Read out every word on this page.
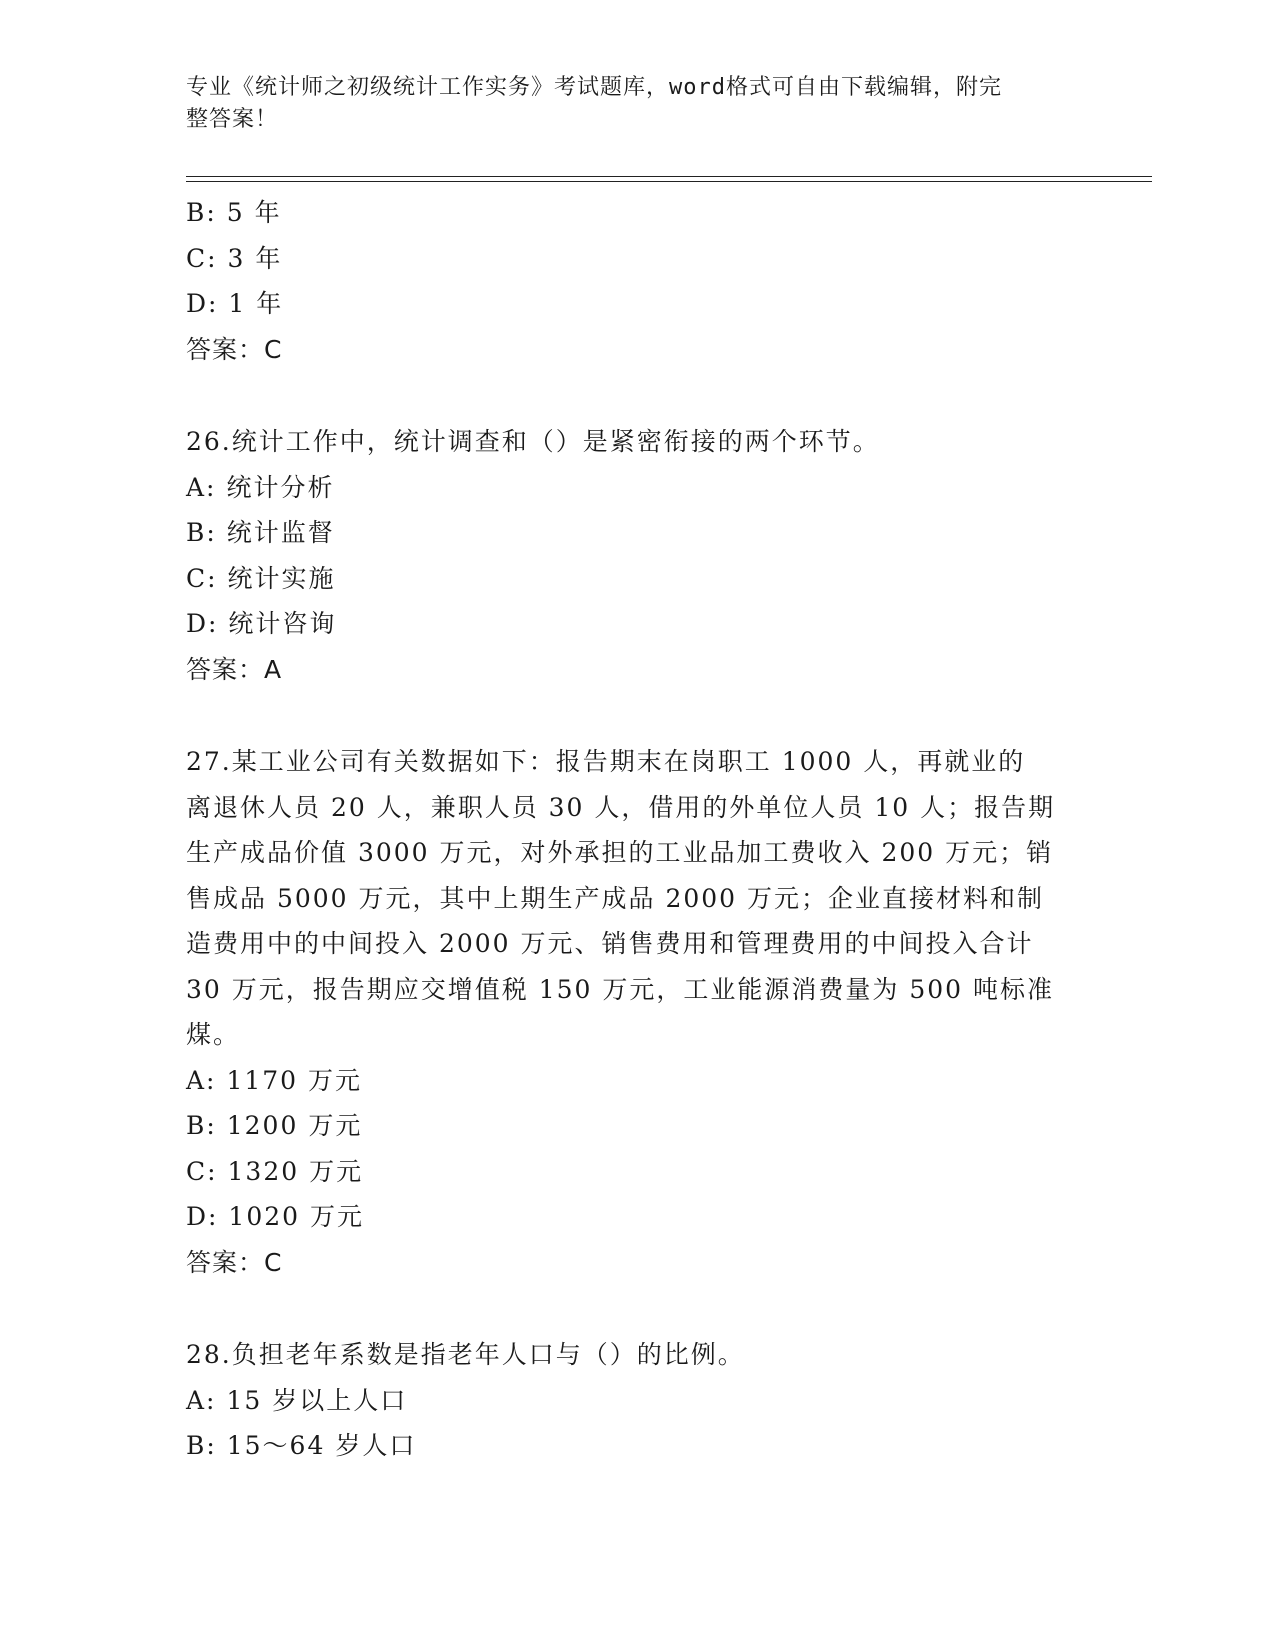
专业《统计师之初级统计工作实务》考试题库，word格式可自由下载编辑，附完
整答案！
B: 5 年
C: 3 年
D: 1 年
答案：C
26.统计工作中，统计调查和（）是紧密衔接的两个环节。
A: 统计分析
B: 统计监督
C: 统计实施
D: 统计咨询
答案：A
27.某工业公司有关数据如下：报告期末在岗职工 1000 人，再就业的
离退休人员 20 人，兼职人员 30 人，借用的外单位人员 10 人；报告期
生产成品价值 3000 万元，对外承担的工业品加工费收入 200 万元；销
售成品 5000 万元，其中上期生产成品 2000 万元；企业直接材料和制
造费用中的中间投入 2000 万元、销售费用和管理费用的中间投入合计
30 万元，报告期应交增值税 150 万元，工业能源消费量为 500 吨标准
煤。
A: 1170 万元
B: 1200 万元
C: 1320 万元
D: 1020 万元
答案：C
28.负担老年系数是指老年人口与（）的比例。
A: 15 岁以上人口
B: 15～64 岁人口
